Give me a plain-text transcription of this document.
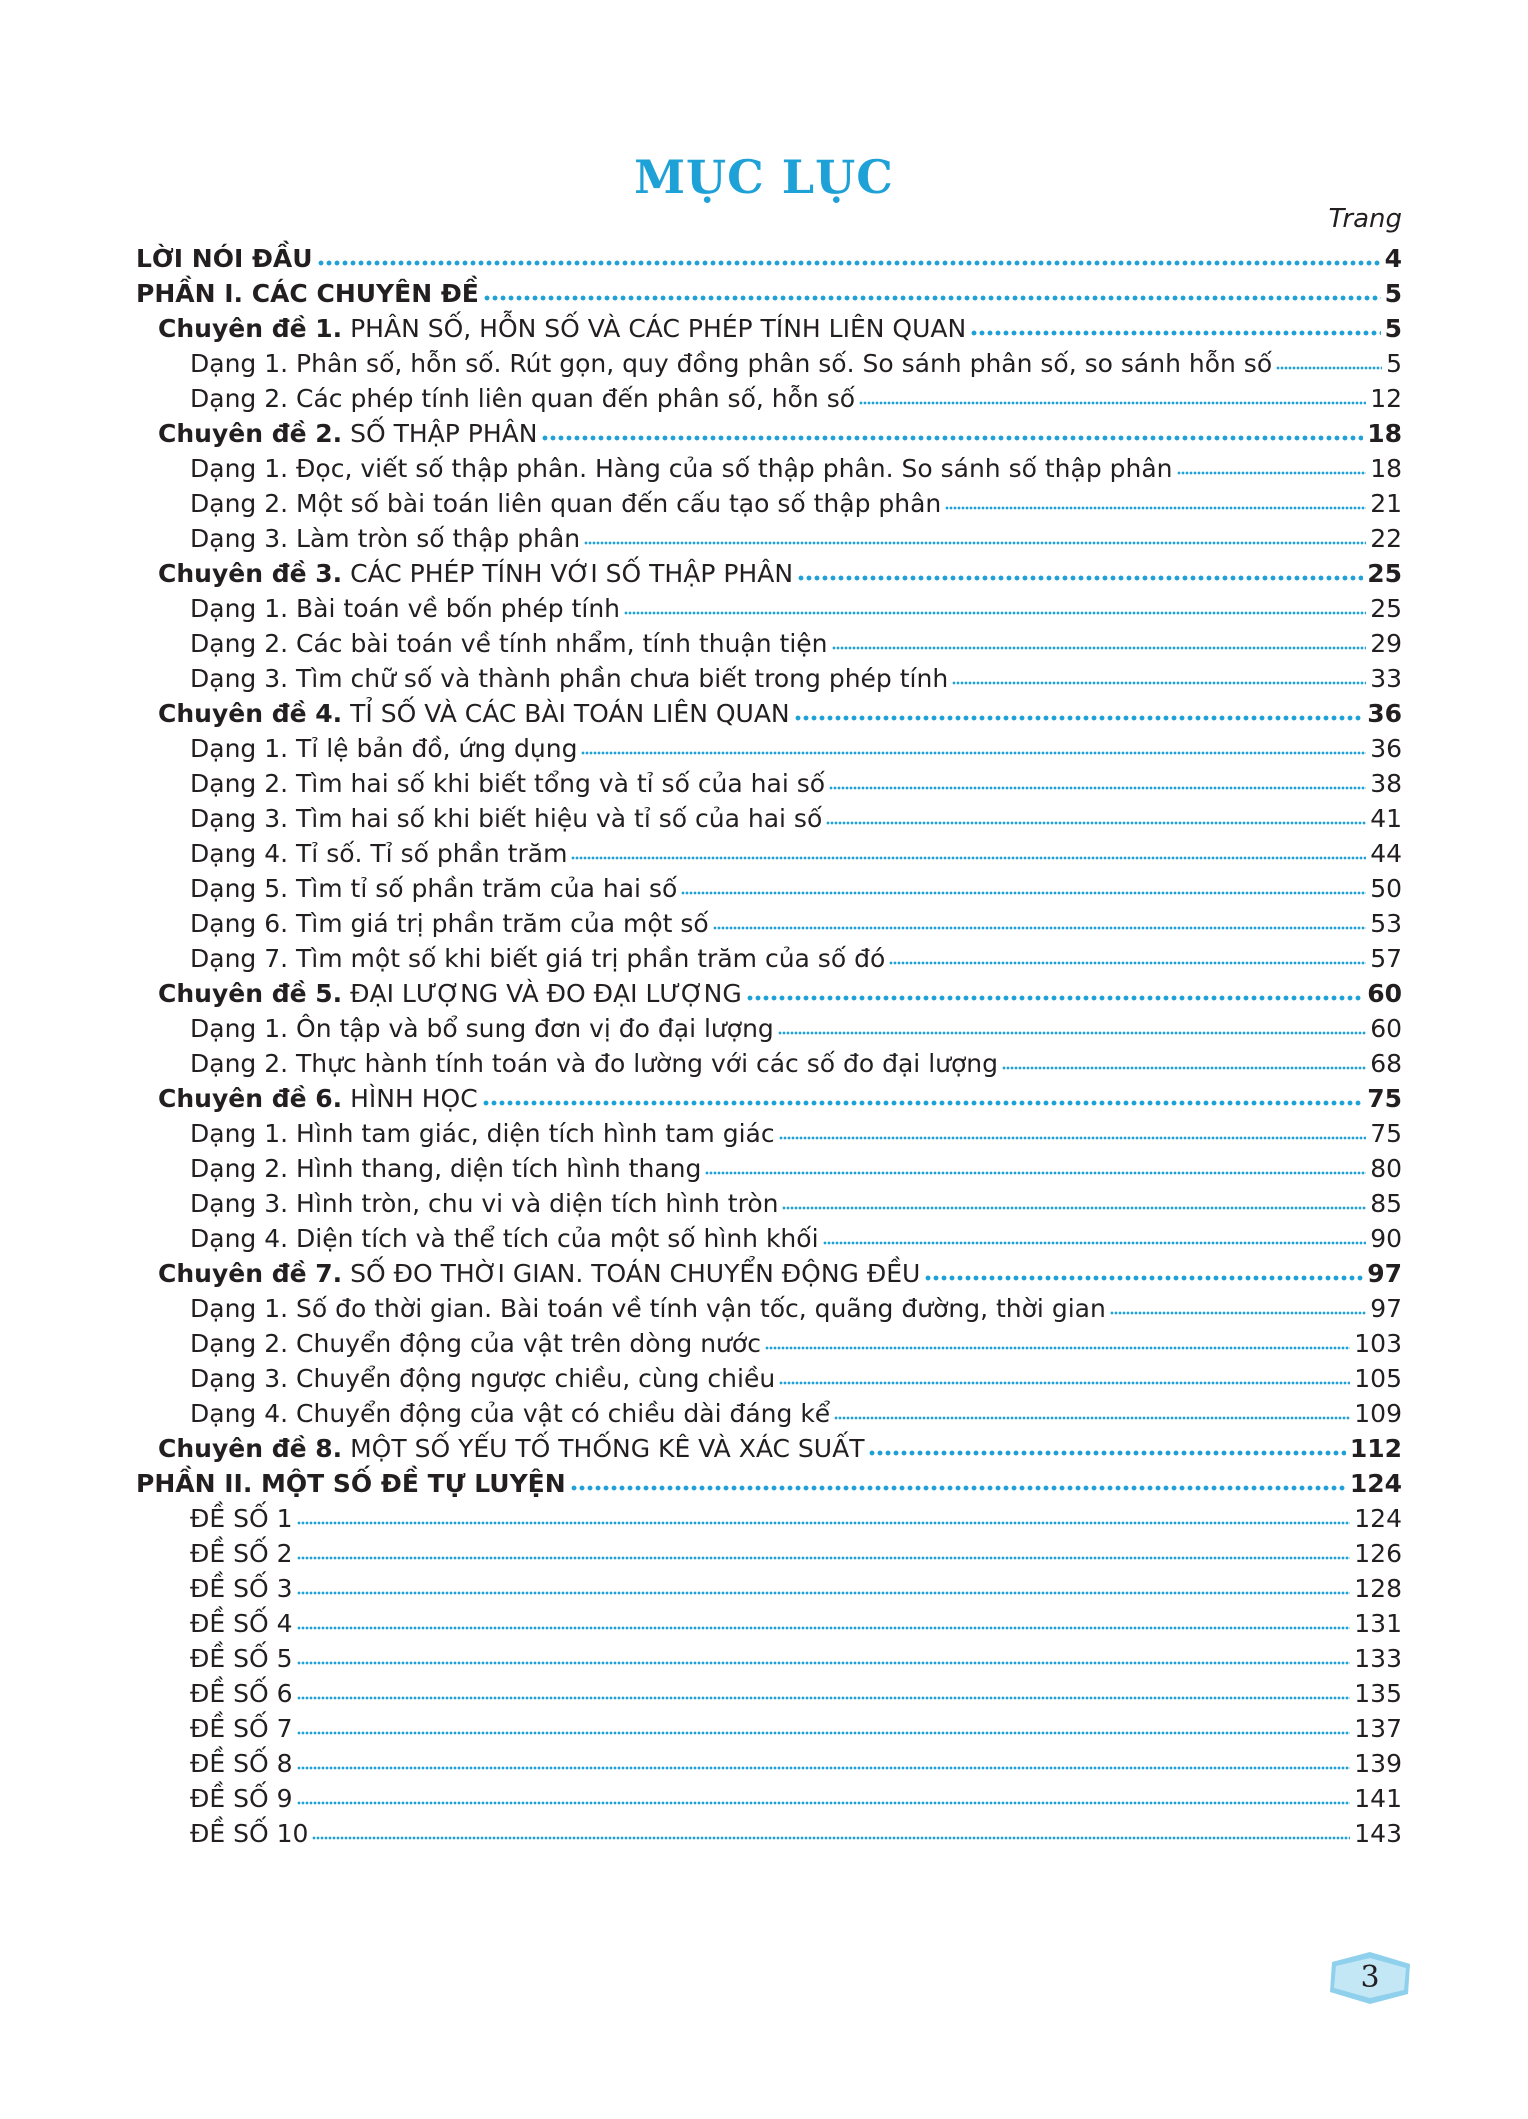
MỤC LỤC
Trang
LỜI NÓI ĐẦU	4
PHẦN I. CÁC CHUYÊN ĐỀ	5
Chuyên đề 1. PHÂN SỐ, HỖN SỐ VÀ CÁC PHÉP TÍNH LIÊN QUAN	5
Dạng 1. Phân số, hỗn số. Rút gọn, quy đồng phân số. So sánh phân số, so sánh hỗn số	5
Dạng 2. Các phép tính liên quan đến phân số, hỗn số	12
Chuyên đề 2. SỐ THẬP PHÂN	18
Dạng 1. Đọc, viết số thập phân. Hàng của số thập phân. So sánh số thập phân	18
Dạng 2. Một số bài toán liên quan đến cấu tạo số thập phân	21
Dạng 3. Làm tròn số thập phân	22
Chuyên đề 3. CÁC PHÉP TÍNH VỚI SỐ THẬP PHÂN	25
Dạng 1. Bài toán về bốn phép tính	25
Dạng 2. Các bài toán về tính nhẩm, tính thuận tiện	29
Dạng 3. Tìm chữ số và thành phần chưa biết trong phép tính	33
Chuyên đề 4. TỈ SỐ VÀ CÁC BÀI TOÁN LIÊN QUAN	36
Dạng 1. Tỉ lệ bản đồ, ứng dụng	36
Dạng 2. Tìm hai số khi biết tổng và tỉ số của hai số	38
Dạng 3. Tìm hai số khi biết hiệu và tỉ số của hai số	41
Dạng 4. Tỉ số. Tỉ số phần trăm	44
Dạng 5. Tìm tỉ số phần trăm của hai số	50
Dạng 6. Tìm giá trị phần trăm của một số	53
Dạng 7. Tìm một số khi biết giá trị phần trăm của số đó	57
Chuyên đề 5. ĐẠI LƯỢNG VÀ ĐO ĐẠI LƯỢNG	60
Dạng 1. Ôn tập và bổ sung đơn vị đo đại lượng	60
Dạng 2. Thực hành tính toán và đo lường với các số đo đại lượng	68
Chuyên đề 6. HÌNH HỌC	75
Dạng 1. Hình tam giác, diện tích hình tam giác	75
Dạng 2. Hình thang, diện tích hình thang	80
Dạng 3. Hình tròn, chu vi và diện tích hình tròn	85
Dạng 4. Diện tích và thể tích của một số hình khối	90
Chuyên đề 7. SỐ ĐO THỜI GIAN. TOÁN CHUYỂN ĐỘNG ĐỀU	97
Dạng 1. Số đo thời gian. Bài toán về tính vận tốc, quãng đường, thời gian	97
Dạng 2. Chuyển động của vật trên dòng nước	103
Dạng 3. Chuyển động ngược chiều, cùng chiều	105
Dạng 4. Chuyển động của vật có chiều dài đáng kể	109
Chuyên đề 8. MỘT SỐ YẾU TỐ THỐNG KÊ VÀ XÁC SUẤT	112
PHẦN II. MỘT SỐ ĐỀ TỰ LUYỆN	124
ĐỀ SỐ 1	124
ĐỀ SỐ 2	126
ĐỀ SỐ 3	128
ĐỀ SỐ 4	131
ĐỀ SỐ 5	133
ĐỀ SỐ 6	135
ĐỀ SỐ 7	137
ĐỀ SỐ 8	139
ĐỀ SỐ 9	141
ĐỀ SỐ 10	143
3
